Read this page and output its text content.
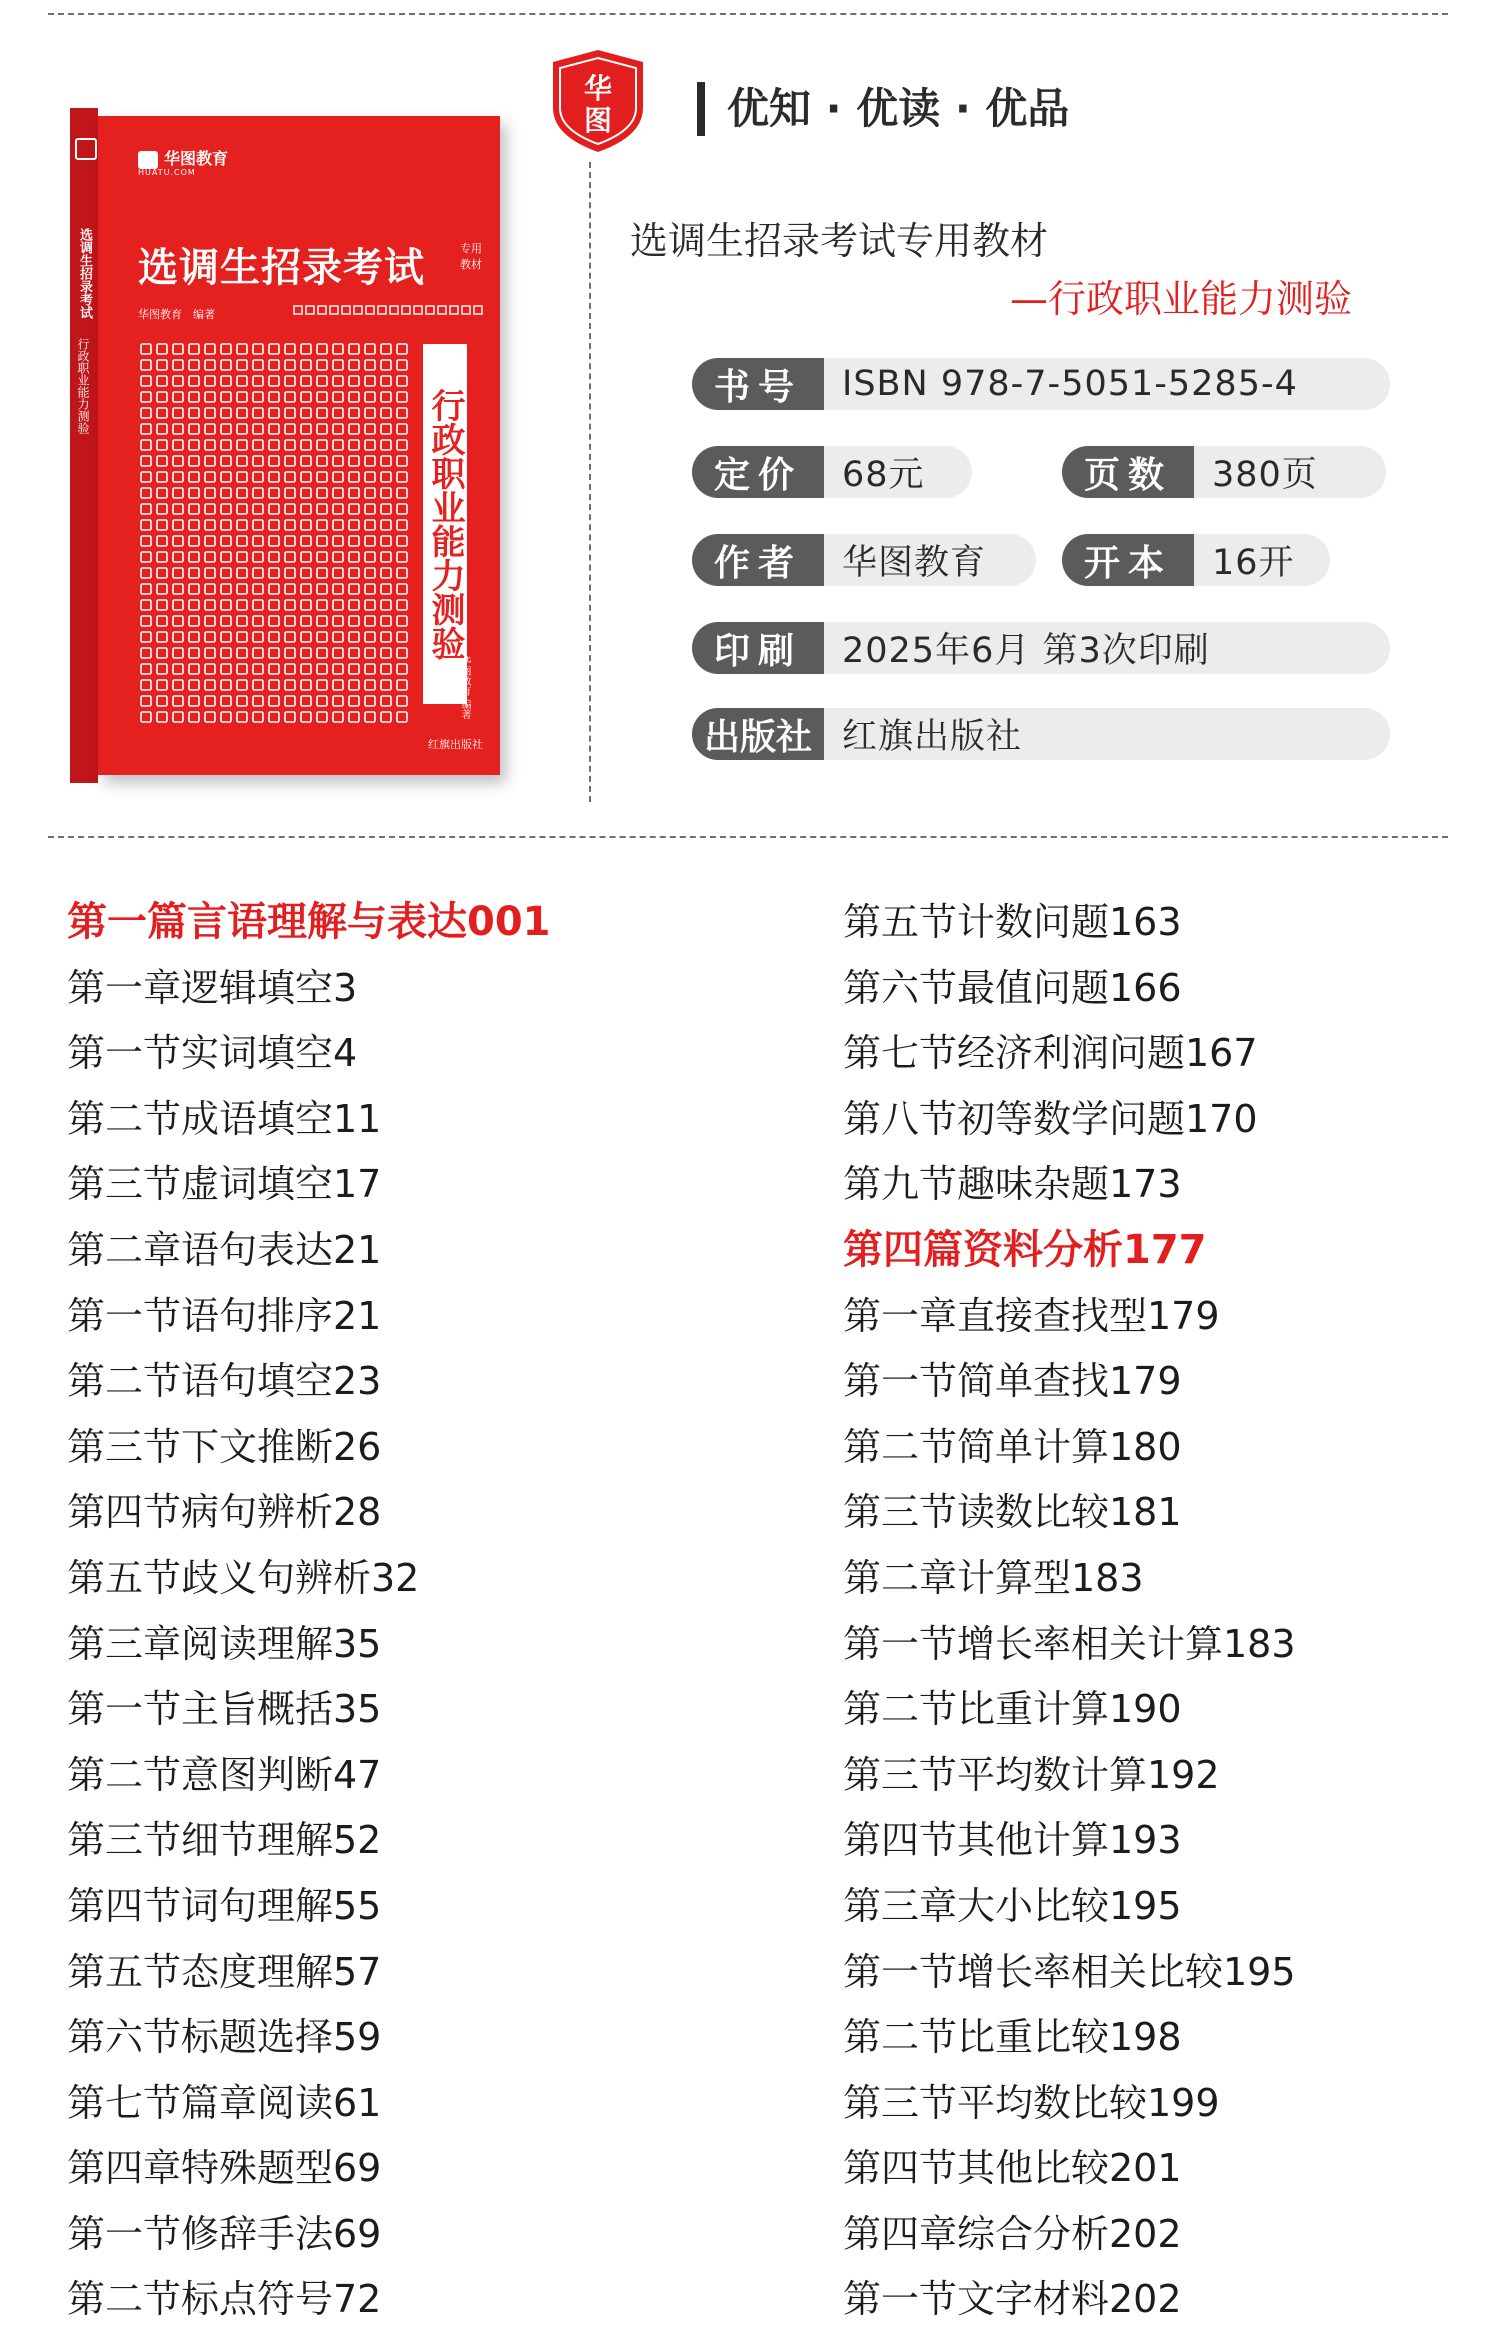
选调生招录考试
行政职业能力测验
华图教育
HUATU.COM
选调生招录考试	专用教材
华图教育　编著
行政职业能力测验
华图教育 编著
红旗出版社
华
图	优知 · 优读 · 优品
选调生招录考试专用教材
—行政职业能力测验
书号	ISBN 978-7-5051-5285-4
定价	68元	页数	380页
作者	华图教育	开本	16开
印刷	2025年6月 第3次印刷
出版社 红旗出版社
第一篇言语理解与表达001
第一章逻辑填空3
第一节实词填空4
第二节成语填空11
第三节虚词填空17
第二章语句表达21
第一节语句排序21
第二节语句填空23
第三节下文推断26
第四节病句辨析28
第五节歧义句辨析32
第三章阅读理解35
第一节主旨概括35
第二节意图判断47
第三节细节理解52
第四节词句理解55
第五节态度理解57
第六节标题选择59
第七节篇章阅读61
第四章特殊题型69
第一节修辞手法69
第二节标点符号72
第五节计数问题163
第六节最值问题166
第七节经济利润问题167
第八节初等数学问题170
第九节趣味杂题173
第四篇资料分析177
第一章直接查找型179
第一节简单查找179
第二节简单计算180
第三节读数比较181
第二章计算型183
第一节增长率相关计算183
第二节比重计算190
第三节平均数计算192
第四节其他计算193
第三章大小比较195
第一节增长率相关比较195
第二节比重比较198
第三节平均数比较199
第四节其他比较201
第四章综合分析202
第一节文字材料202
